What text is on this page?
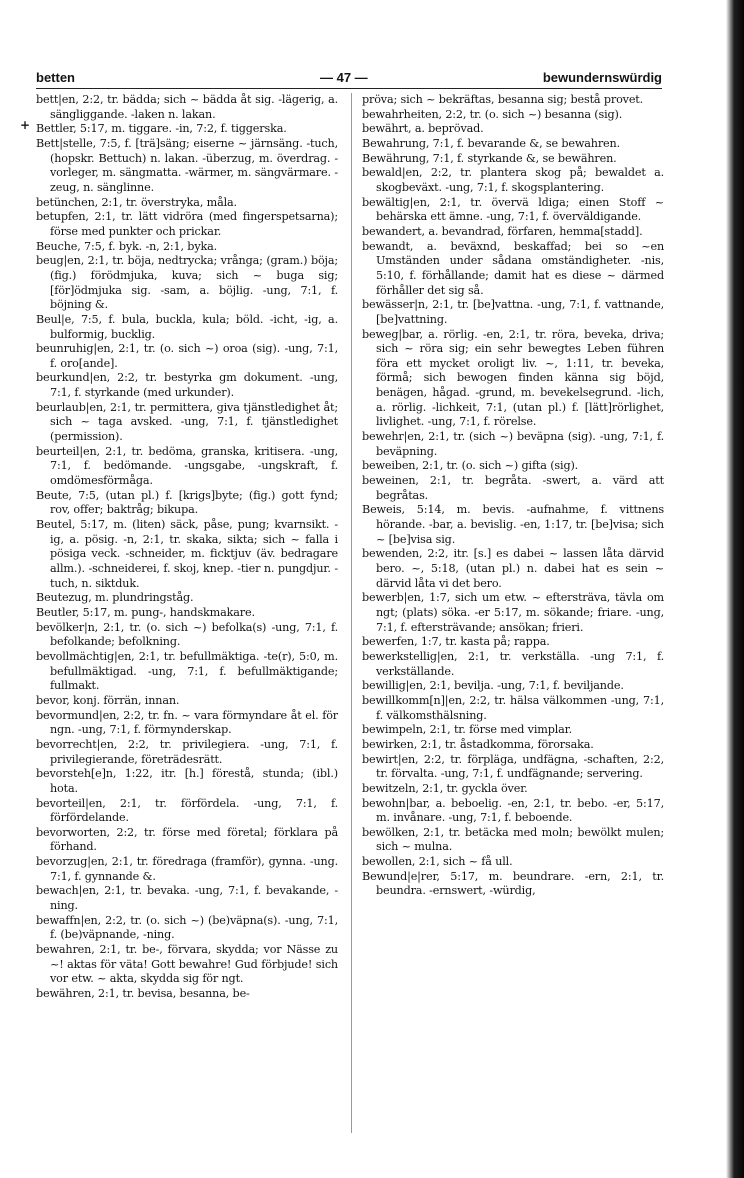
betten	— 47 —	bewundernswürdig

bett|en, 2:2, tr. bädda; sich ~ bädda åt sig. -lägerig, a. sängliggande. -laken n. lakan.

Bettler, 5:17, m. tiggare. -in, 7:2, f. tiggerska.

Bett|stelle, 7:5, f. [trä]säng; eiserne ~ järnsäng. -tuch, (hopskr. Bettuch) n. lakan. -überzug, m. överdrag. -vorleger, m. sängmatta. -wärmer, m. sängvärmare. -zeug, n. sänglinne.

betünchen, 2:1, tr. överstryka, måla.

betupfen, 2:1, tr. lätt vidröra (med fingerspetsarna); förse med punkter och prickar.

Beuche, 7:5, f. byk. -n, 2:1, byka.

beug|en, 2:1, tr. böja, nedtrycka; vrånga; (gram.) böja; (fig.) förödmjuka, kuva; sich ~ buga sig; [för]ödmjuka sig. -sam, a. böjlig. -ung, 7:1, f. böjning &.

Beul|e, 7:5, f. bula, buckla, kula; böld. -icht, -ig, a. bulformig, bucklig.

beunruhig|en, 2:1, tr. (o. sich ~) oroa (sig). -ung, 7:1, f. oro[ande].

beurkund|en, 2:2, tr. bestyrka gm dokument. -ung, 7:1, f. styrkande (med urkunder).

beurlaub|en, 2:1, tr. permittera, giva tjänstledighet åt; sich ~ taga avsked. -ung, 7:1, f. tjänstledighet (permission).

beurteil|en, 2:1, tr. bedöma, granska, kritisera. -ung, 7:1, f. bedömande. -ungsgabe, -ungskraft, f. omdömesförmåga.

Beute, 7:5, (utan pl.) f. [krigs]byte; (fig.) gott fynd; rov, offer; baktråg; bikupa.

Beutel, 5:17, m. (liten) säck, påse, pung; kvarnsikt. -ig, a. pösig. -n, 2:1, tr. skaka, sikta; sich ~ falla i pösiga veck. -schneider, m. ficktjuv (äv. bedragare allm.). -schneiderei, f. skoj, knep. -tier n. pungdjur. -tuch, n. siktduk.

Beutezug, m. plundringståg.

Beutler, 5:17, m. pung-, handskmakare.

bevölker|n, 2:1, tr. (o. sich ~) befolka(s) -ung, 7:1, f. befolkande; befolkning.

bevollmächtig|en, 2:1, tr. befullmäktiga. -te(r), 5:0, m. befullmäktigad. -ung, 7:1, f. befullmäktigande; fullmakt.

bevor, konj. förrän, innan.

bevormund|en, 2:2, tr. fn. ~ vara förmyndare åt el. för ngn. -ung, 7:1, f. förmynderskap.

bevorrecht|en, 2:2, tr. privilegiera. -ung, 7:1, f. privilegierande, företrädesrätt.

bevorsteh[e]n, 1:22, itr. [h.] förestå, stunda; (ibl.) hota.

bevorteil|en, 2:1, tr. förfördela. -ung, 7:1, f. förfördelande.

bevorworten, 2:2, tr. förse med företal; förklara på förhand.

bevorzug|en, 2:1, tr. föredraga (framför), gynna. -ung. 7:1, f. gynnande &.

bewach|en, 2:1, tr. bevaka. -ung, 7:1, f. bevakande, -ning.

bewaffn|en, 2:2, tr. (o. sich ~) (be)väpna(s). -ung, 7:1, f. (be)väpnande, -ning.

bewahren, 2:1, tr. be-, förvara, skydda; vor Nässe zu ~! aktas för väta! Gott bewahre! Gud förbjude! sich vor etw. ~ akta, skydda sig för ngt.

bewähren, 2:1, tr. bevisa, besanna, be-

pröva; sich ~ bekräftas, besanna sig; bestå provet.

bewahrheiten, 2:2, tr. (o. sich ~) besanna (sig).

bewährt, a. beprövad.

Bewahrung, 7:1, f. bevarande &, se bewahren.

Bewährung, 7:1, f. styrkande &, se bewähren.

bewald|en, 2:2, tr. plantera skog på; bewaldet a. skogbeväxt. -ung, 7:1, f. skogsplantering.

bewältig|en, 2:1, tr. övervä ldiga; einen Stoff ~ behärska ett ämne. -ung, 7:1, f. överväldigande.

bewandert, a. bevandrad, förfaren, hemma[stadd].

bewandt, a. beväxnd, beskaffad; bei so ~en Umständen under sådana omständigheter. -nis, 5:10, f. förhållande; damit hat es diese ~ därmed förhåller det sig så.

bewässer|n, 2:1, tr. [be]vattna. -ung, 7:1, f. vattnande, [be]vattning.

beweg|bar, a. rörlig. -en, 2:1, tr. röra, beveka, driva; sich ~ röra sig; ein sehr bewegtes Leben führen föra ett mycket oroligt liv. ~, 1:11, tr. beveka, förmå; sich bewogen finden känna sig böjd, benägen, hågad. -grund, m. bevekelsegrund. -lich, a. rörlig. -lichkeit, 7:1, (utan pl.) f. [lätt]rörlighet, livlighet. -ung, 7:1, f. rörelse.

bewehr|en, 2:1, tr. (sich ~) beväpna (sig). -ung, 7:1, f. beväpning.

beweiben, 2:1, tr. (o. sich ~) gifta (sig).

beweinen, 2:1, tr. begråta. -swert, a. värd att begråtas.

Beweis, 5:14, m. bevis. -aufnahme, f. vittnens hörande. -bar, a. bevislig. -en, 1:17, tr. [be]visa; sich ~ [be]visa sig.

bewenden, 2:2, itr. [s.] es dabei ~ lassen låta därvid bero. ~, 5:18, (utan pl.) n. dabei hat es sein ~ därvid låta vi det bero.

bewerb|en, 1:7, sich um etw. ~ eftersträva, tävla om ngt; (plats) söka. -er 5:17, m. sökande; friare. -ung, 7:1, f. eftersträvande; ansökan; frieri.

bewerfen, 1:7, tr. kasta på; rappa.

bewerkstellig|en, 2:1, tr. verkställa. -ung 7:1, f. verkställande.

bewillig|en, 2:1, bevilja. -ung, 7:1, f. beviljande.

bewillkomm[n]|en, 2:2, tr. hälsa välkommen -ung, 7:1, f. välkomsthälsning.

bewimpeln, 2:1, tr. förse med vimplar.

bewirken, 2:1, tr. åstadkomma, förorsaka.

bewirt|en, 2:2, tr. förpläga, undfägna, -schaften, 2:2, tr. förvalta. -ung, 7:1, f. undfägnande; servering.

bewitzeln, 2:1, tr. gyckla över.

bewohn|bar, a. beboelig. -en, 2:1, tr. bebo. -er, 5:17, m. invånare. -ung, 7:1, f. beboende.

bewölken, 2:1, tr. betäcka med moln; bewölkt mulen; sich ~ mulna.

bewollen, 2:1, sich ~ få ull.

Bewund|e|rer, 5:17, m. beundrare. -ern, 2:1, tr. beundra. -ernswert, -würdig,

+
